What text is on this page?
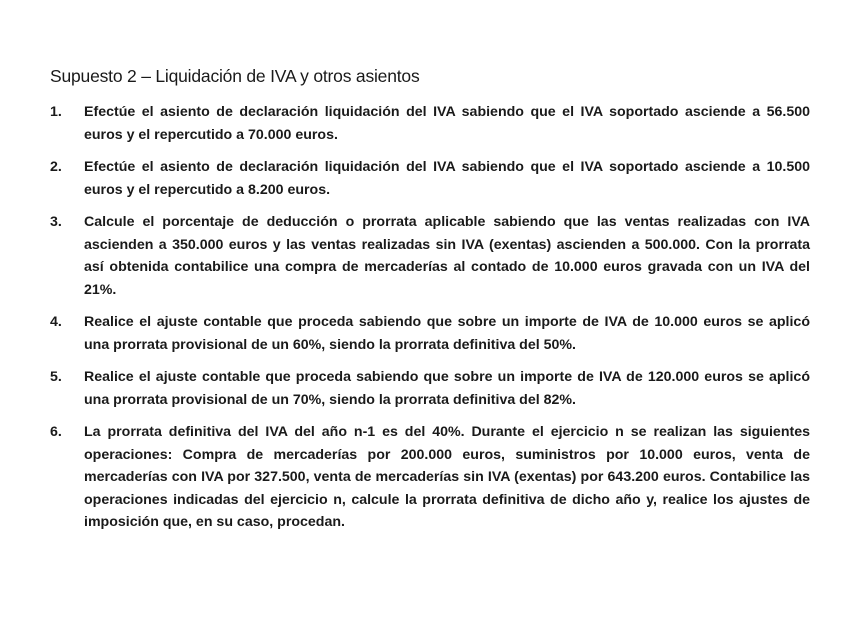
Supuesto 2 – Liquidación de IVA y otros asientos
1. Efectúe el asiento de declaración liquidación del IVA sabiendo que el IVA soportado asciende a 56.500 euros y el repercutido a 70.000 euros.
2. Efectúe el asiento de declaración liquidación del IVA sabiendo que el IVA soportado asciende a 10.500 euros y el repercutido a 8.200 euros.
3. Calcule el porcentaje de deducción o prorrata aplicable sabiendo que las ventas realizadas con IVA ascienden a 350.000 euros y las ventas realizadas sin IVA (exentas) ascienden a 500.000. Con la prorrata así obtenida contabilice una compra de mercaderías al contado de 10.000 euros gravada con un IVA del 21%.
4. Realice el ajuste contable que proceda sabiendo que sobre un importe de IVA de 10.000 euros se aplicó una prorrata provisional de un 60%, siendo la prorrata definitiva del 50%.
5. Realice el ajuste contable que proceda sabiendo que sobre un importe de IVA de 120.000 euros se aplicó una prorrata provisional de un 70%, siendo la prorrata definitiva del 82%.
6. La prorrata definitiva del IVA del año n-1 es del 40%. Durante el ejercicio n se realizan las siguientes operaciones: Compra de mercaderías por 200.000 euros, suministros por 10.000 euros, venta de mercaderías con IVA por 327.500, venta de mercaderías sin IVA (exentas) por 643.200 euros. Contabilice las operaciones indicadas del ejercicio n, calcule la prorrata definitiva de dicho año y, realice los ajustes de imposición que, en su caso, procedan.
